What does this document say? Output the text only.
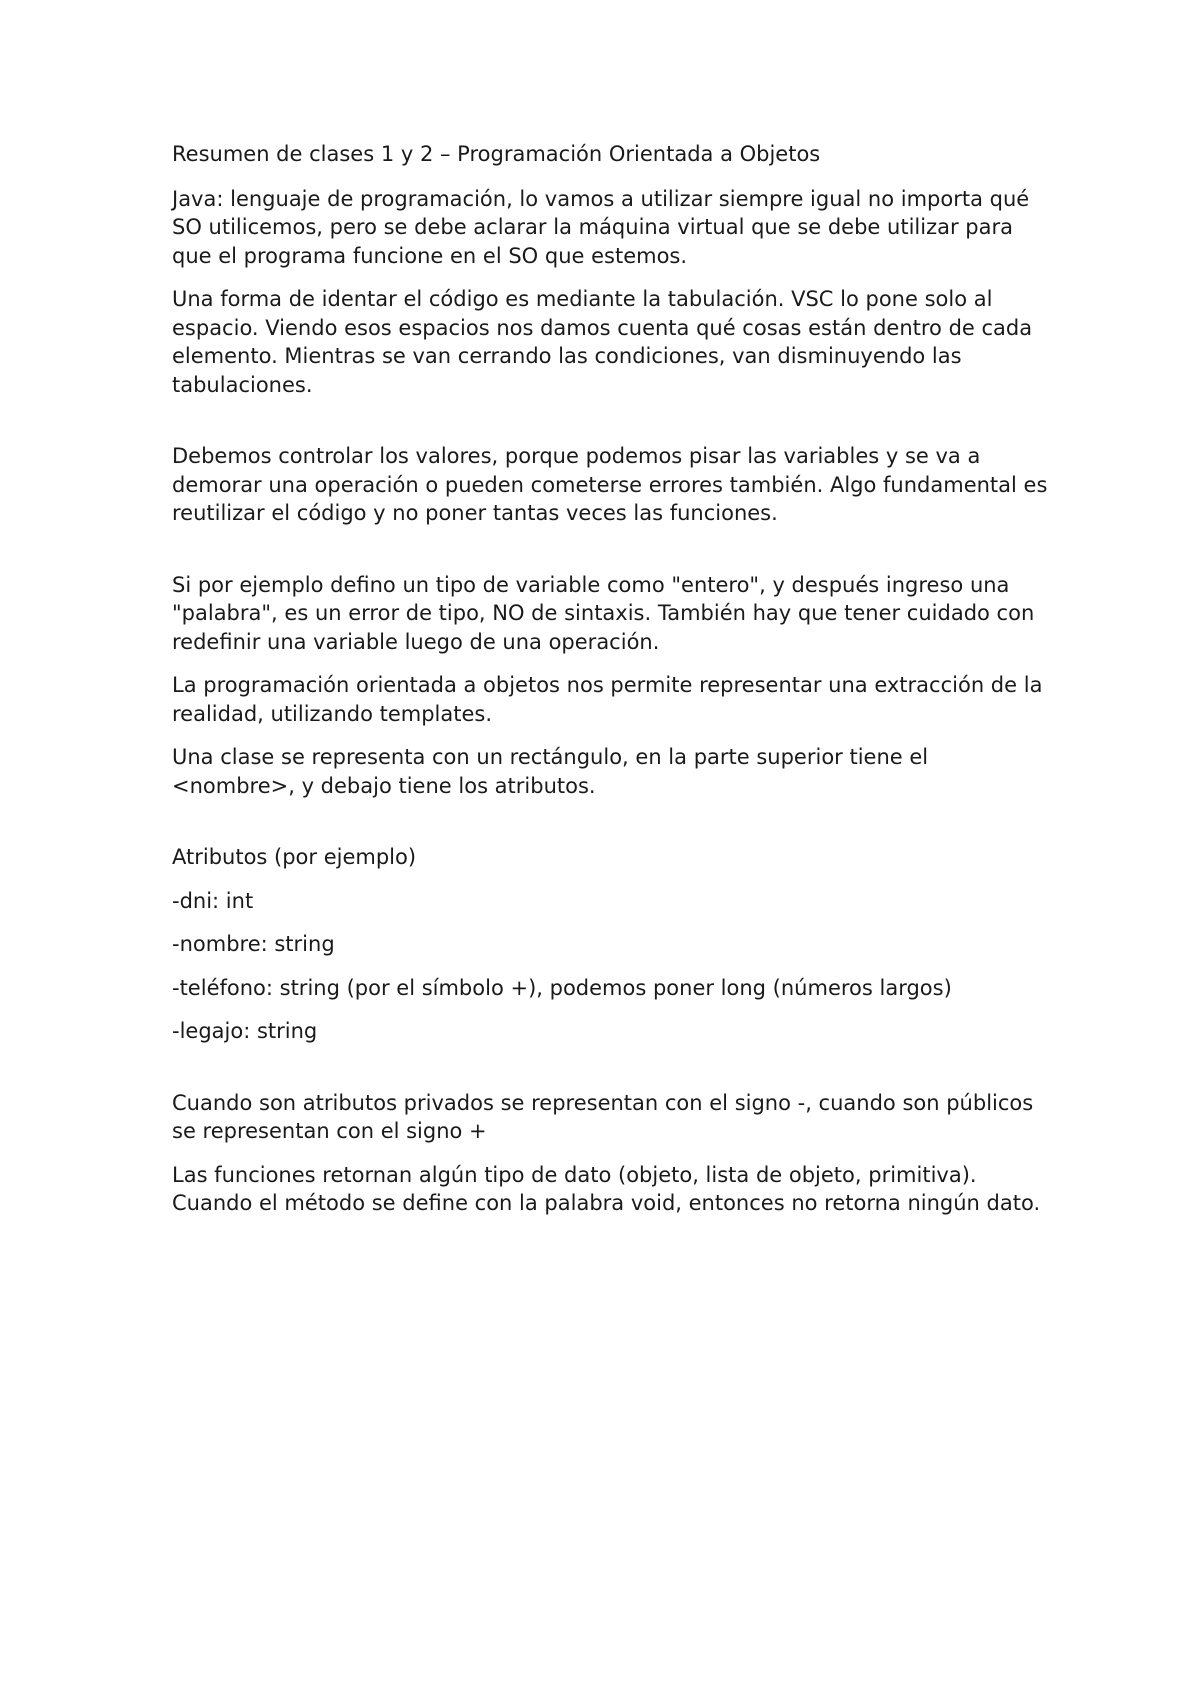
Resumen de clases 1 y 2 – Programación Orientada a Objetos

Java: lenguaje de programación, lo vamos a utilizar siempre igual no importa qué SO utilicemos, pero se debe aclarar la máquina virtual que se debe utilizar para que el programa funcione en el SO que estemos.

Una forma de identar el código es mediante la tabulación. VSC lo pone solo al espacio. Viendo esos espacios nos damos cuenta qué cosas están dentro de cada elemento. Mientras se van cerrando las condiciones, van disminuyendo las tabulaciones.

Debemos controlar los valores, porque podemos pisar las variables y se va a demorar una operación o pueden cometerse errores también. Algo fundamental es reutilizar el código y no poner tantas veces las funciones.

Si por ejemplo defino un tipo de variable como "entero", y después ingreso una "palabra", es un error de tipo, NO de sintaxis. También hay que tener cuidado con redefinir una variable luego de una operación.

La programación orientada a objetos nos permite representar una extracción de la realidad, utilizando templates.

Una clase se representa con un rectángulo, en la parte superior tiene el <nombre>, y debajo tiene los atributos.

Atributos (por ejemplo)

-dni: int

-nombre: string

-teléfono: string (por el símbolo +), podemos poner long (números largos)

-legajo: string

Cuando son atributos privados se representan con el signo -, cuando son públicos se representan con el signo +

Las funciones retornan algún tipo de dato (objeto, lista de objeto, primitiva). Cuando el método se define con la palabra void, entonces no retorna ningún dato.
